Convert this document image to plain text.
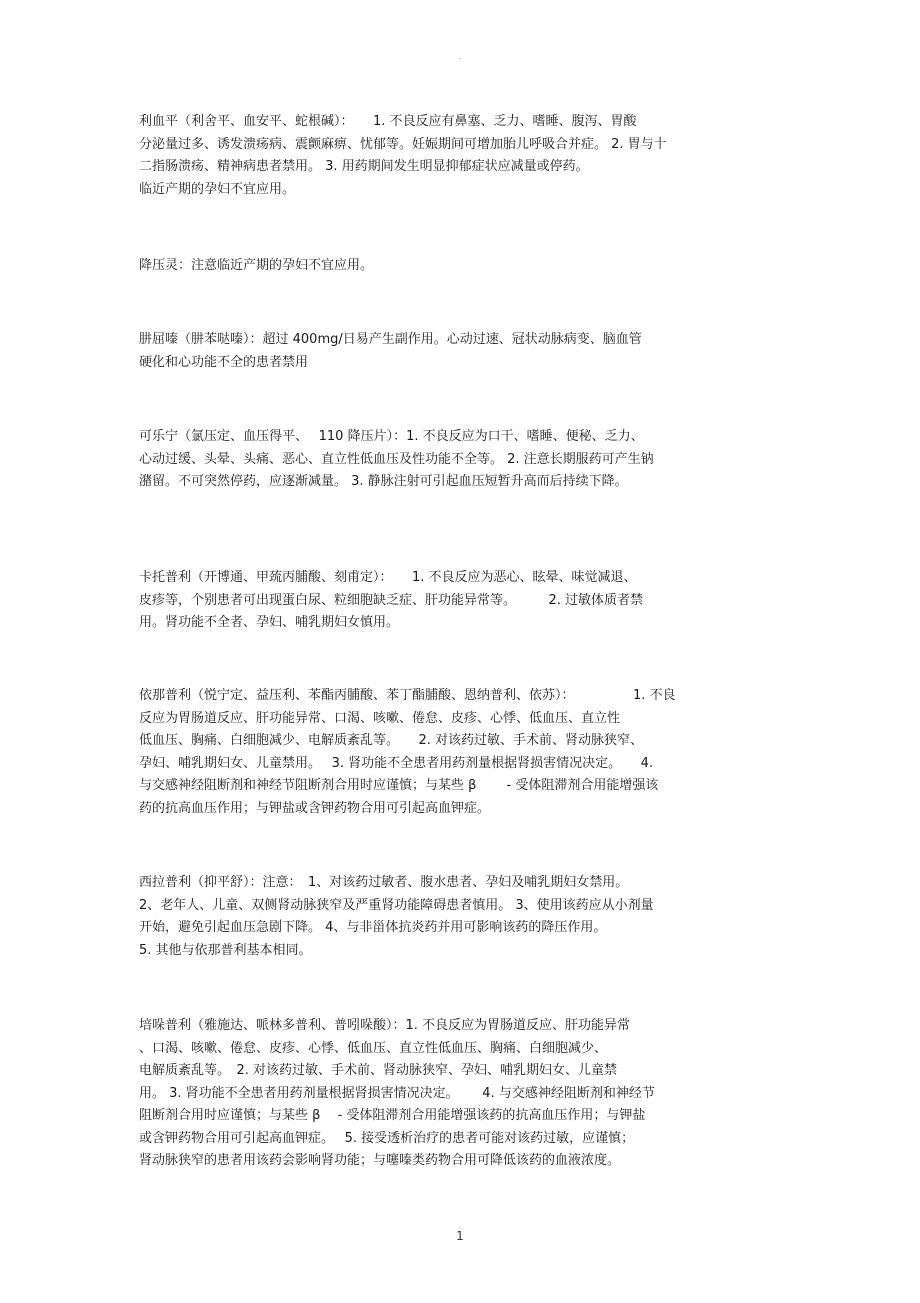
.
利血平（利舍平、血安平、蛇根碱）：　　1. 不良反应有鼻塞、乏力、嗜睡、腹泻、胃酸
分泌量过多、诱发溃疡病、震颤麻痹、忧郁等。妊娠期间可增加胎儿呼吸合并症。 2. 胃与十
二指肠溃疡、精神病患者禁用。 3. 用药期间发生明显抑郁症状应减量或停药。
临近产期的孕妇不宜应用。
降压灵：注意临近产期的孕妇不宜应用。
肼屈嗪（肼苯哒嗪）：超过 400mg/日易产生副作用。心动过速、冠状动脉病变、脑血管
硬化和心功能不全的患者禁用
可乐宁（氯压定、血压得平、　 110 降压片）：1. 不良反应为口干、嗜睡、便秘、乏力、
心动过缓、头晕、头痛、恶心、直立性低血压及性功能不全等。 2. 注意长期服药可产生钠
潴留。不可突然停药，应逐渐减量。 3. 静脉注射可引起血压短暂升高而后持续下降。
卡托普利（开博通、甲巯丙脯酸、刻甫定）：　　1. 不良反应为恶心、眩晕、味觉减退、
皮疹等，个别患者可出现蛋白尿、粒细胞缺乏症、肝功能异常等。　　　2. 过敏体质者禁
用。肾功能不全者、孕妇、哺乳期妇女慎用。
依那普利（悦宁定、益压利、苯酯丙脯酸、苯丁酯脯酸、恩纳普利、依苏）：　　　　　1. 不良
反应为胃肠道反应、肝功能异常、口渴、咳嗽、倦怠、皮疹、心悸、低血压、直立性
低血压、胸痛、白细胞减少、电解质紊乱等。　　2. 对该药过敏、手术前、肾动脉狭窄、
孕妇、哺乳期妇女、儿童禁用。　 3. 肾功能不全患者用药剂量根据肾损害情况决定。　　4.
与交感神经阻断剂和神经节阻断剂合用时应谨慎；与某些 β　　 - 受体阻滞剂合用能增强该
药的抗高血压作用；与钾盐或含钾药物合用可引起高血钾症。
西拉普利（抑平舒）：注意：　1、对该药过敏者、腹水患者、孕妇及哺乳期妇女禁用。
2、老年人、儿童、双侧肾动脉狭窄及严重肾功能障碍患者慎用。 3、使用该药应从小剂量
开始，避免引起血压急剧下降。 4、与非甾体抗炎药并用可影响该药的降压作用。
5. 其他与依那普利基本相同。
培哚普利（雅施达、哌林多普利、普吲哚酸）：1. 不良反应为胃肠道反应、肝功能异常
、口渴、咳嗽、倦怠、皮疹、心悸、低血压、直立性低血压、胸痛、白细胞减少、
电解质紊乱等。　2. 对该药过敏、手术前、肾动脉狭窄、孕妇、哺乳期妇女、儿童禁
用。 3. 肾功能不全患者用药剂量根据肾损害情况决定。　　 4. 与交感神经阻断剂和神经节
阻断剂合用时应谨慎；与某些 β　 - 受体阻滞剂合用能增强该药的抗高血压作用；与钾盐
或含钾药物合用可引起高血钾症。　 5. 接受透析治疗的患者可能对该药过敏，应谨慎；
肾动脉狭窄的患者用该药会影响肾功能；与噻嗪类药物合用可降低该药的血液浓度。
.
1
